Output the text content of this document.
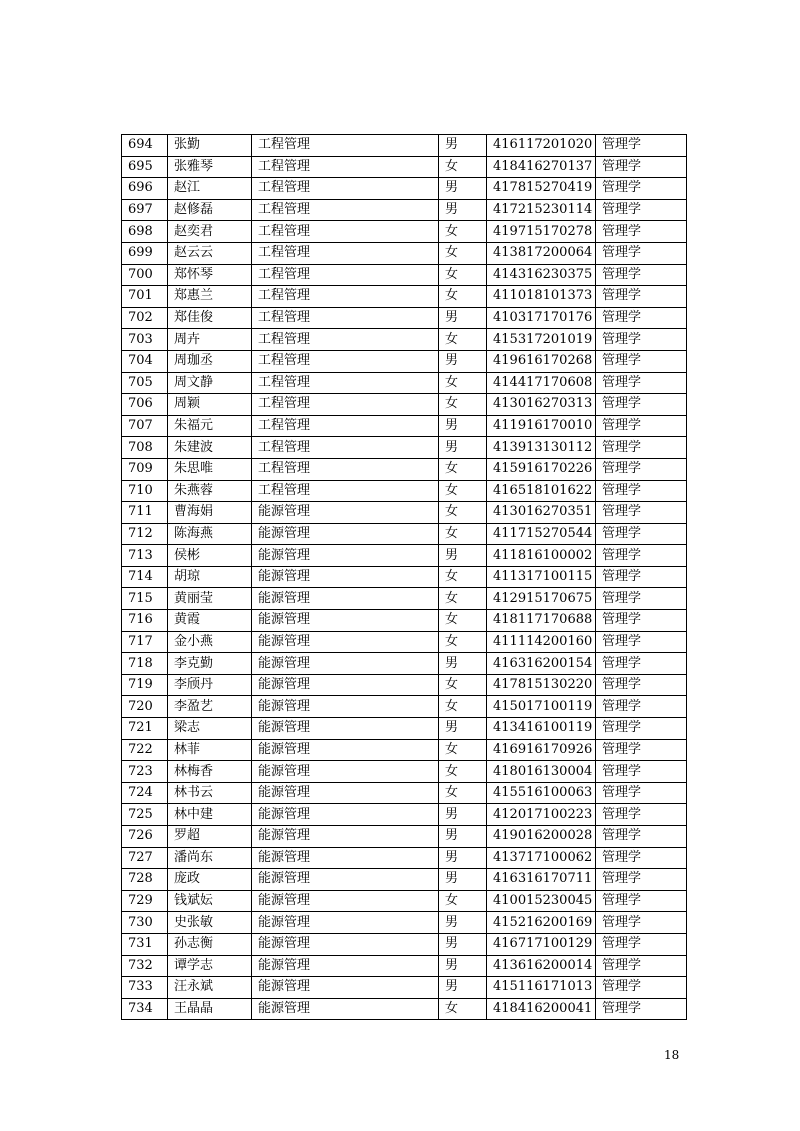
694	张勤	工程管理	男	416117201020	管理学
695	张雅琴	工程管理	女	418416270137	管理学
696	赵江	工程管理	男	417815270419	管理学
697	赵修磊	工程管理	男	417215230114	管理学
698	赵奕君	工程管理	女	419715170278	管理学
699	赵云云	工程管理	女	413817200064	管理学
700	郑怀琴	工程管理	女	414316230375	管理学
701	郑惠兰	工程管理	女	411018101373	管理学
702	郑佳俊	工程管理	男	410317170176	管理学
703	周卉	工程管理	女	415317201019	管理学
704	周珈丞	工程管理	男	419616170268	管理学
705	周文静	工程管理	女	414417170608	管理学
706	周颖	工程管理	女	413016270313	管理学
707	朱福元	工程管理	男	411916170010	管理学
708	朱建波	工程管理	男	413913130112	管理学
709	朱思唯	工程管理	女	415916170226	管理学
710	朱燕蓉	工程管理	女	416518101622	管理学
711	曹海娟	能源管理	女	413016270351	管理学
712	陈海燕	能源管理	女	411715270544	管理学
713	侯彬	能源管理	男	411816100002	管理学
714	胡琼	能源管理	女	411317100115	管理学
715	黄丽莹	能源管理	女	412915170675	管理学
716	黄霞	能源管理	女	418117170688	管理学
717	金小燕	能源管理	女	411114200160	管理学
718	李克勤	能源管理	男	416316200154	管理学
719	李颀丹	能源管理	女	417815130220	管理学
720	李盈艺	能源管理	女	415017100119	管理学
721	梁志	能源管理	男	413416100119	管理学
722	林菲	能源管理	女	416916170926	管理学
723	林梅香	能源管理	女	418016130004	管理学
724	林书云	能源管理	女	415516100063	管理学
725	林中建	能源管理	男	412017100223	管理学
726	罗超	能源管理	男	419016200028	管理学
727	潘尚东	能源管理	男	413717100062	管理学
728	庞政	能源管理	男	416316170711	管理学
729	钱斌妘	能源管理	女	410015230045	管理学
730	史张敏	能源管理	男	415216200169	管理学
731	孙志衡	能源管理	男	416717100129	管理学
732	谭学志	能源管理	男	413616200014	管理学
733	汪永斌	能源管理	男	415116171013	管理学
734	王晶晶	能源管理	女	418416200041	管理学
18
